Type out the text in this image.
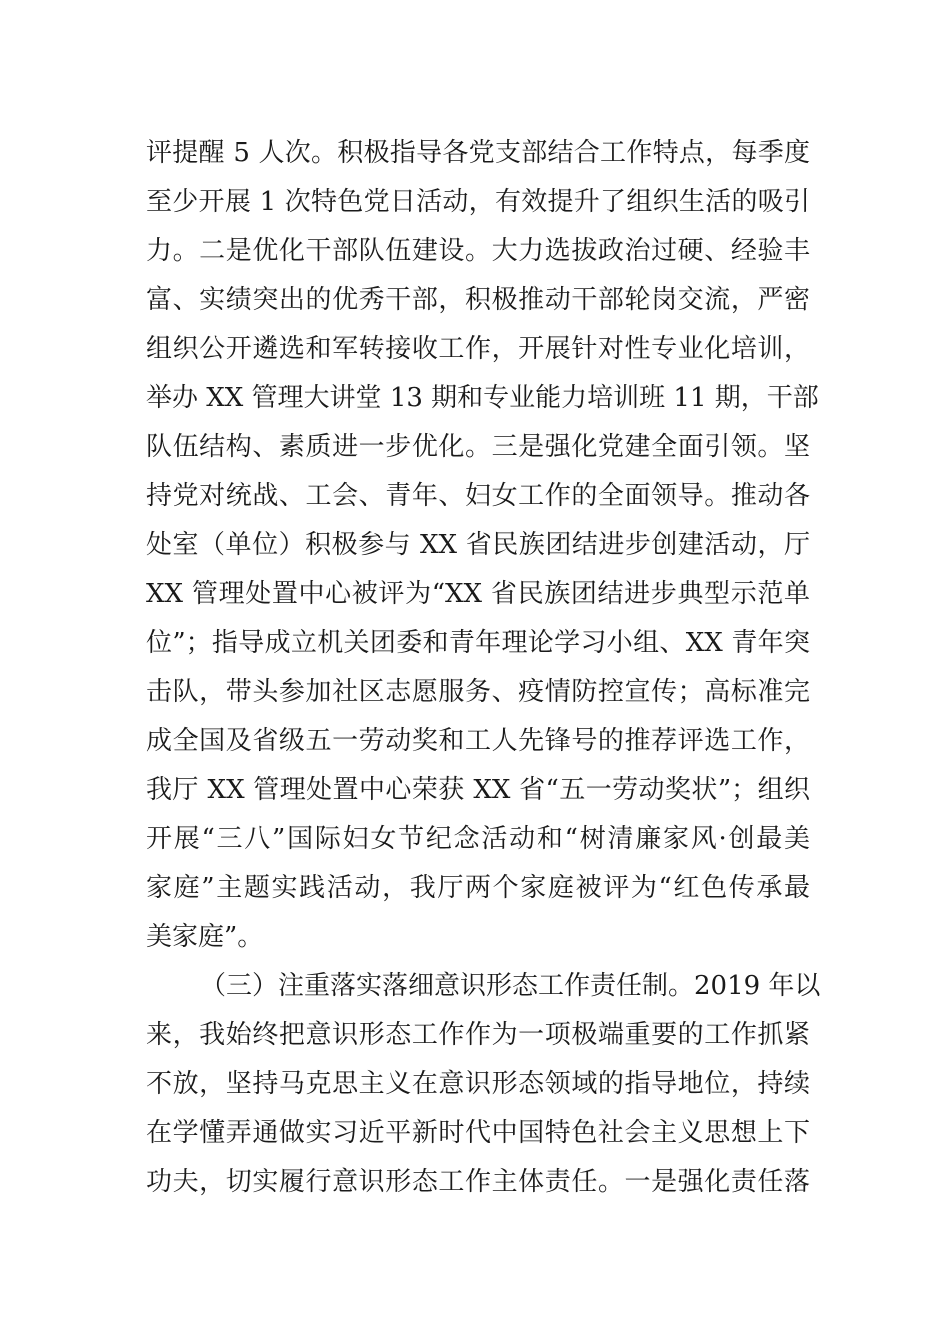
评提醒 5 人次。积极指导各党支部结合工作特点，每季度
至少开展 1 次特色党日活动，有效提升了组织生活的吸引
力。二是优化干部队伍建设。大力选拔政治过硬、经验丰
富、实绩突出的优秀干部，积极推动干部轮岗交流，严密
组织公开遴选和军转接收工作，开展针对性专业化培训，
举办 XX 管理大讲堂 13 期和专业能力培训班 11 期，干部
队伍结构、素质进一步优化。三是强化党建全面引领。坚
持党对统战、工会、青年、妇女工作的全面领导。推动各
处室（单位）积极参与 XX 省民族团结进步创建活动，厅
XX 管理处置中心被评为“XX 省民族团结进步典型示范单
位”；指导成立机关团委和青年理论学习小组、XX 青年突
击队，带头参加社区志愿服务、疫情防控宣传；高标准完
成全国及省级五一劳动奖和工人先锋号的推荐评选工作，
我厅 XX 管理处置中心荣获 XX 省“五一劳动奖状”；组织
开展“三八”国际妇女节纪念活动和“树清廉家风·创最美
家庭”主题实践活动，我厅两个家庭被评为“红色传承最
美家庭”。
（三）注重落实落细意识形态工作责任制。2019 年以
来，我始终把意识形态工作作为一项极端重要的工作抓紧
不放，坚持马克思主义在意识形态领域的指导地位，持续
在学懂弄通做实习近平新时代中国特色社会主义思想上下
功夫，切实履行意识形态工作主体责任。一是强化责任落
